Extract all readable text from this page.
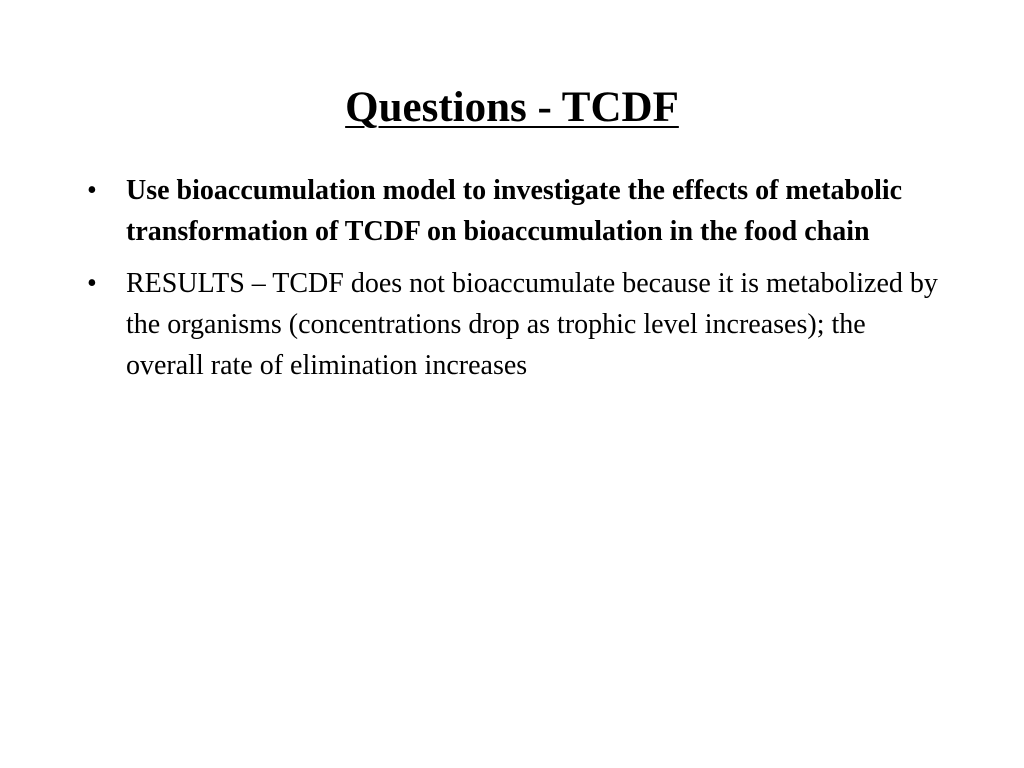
Questions - TCDF
•	Use bioaccumulation model to investigate the effects of metabolic transformation of TCDF on bioaccumulation in the food chain
•	RESULTS – TCDF does not bioaccumulate because it is metabolized by the organisms (concentrations drop as trophic level increases); the overall rate of elimination increases
